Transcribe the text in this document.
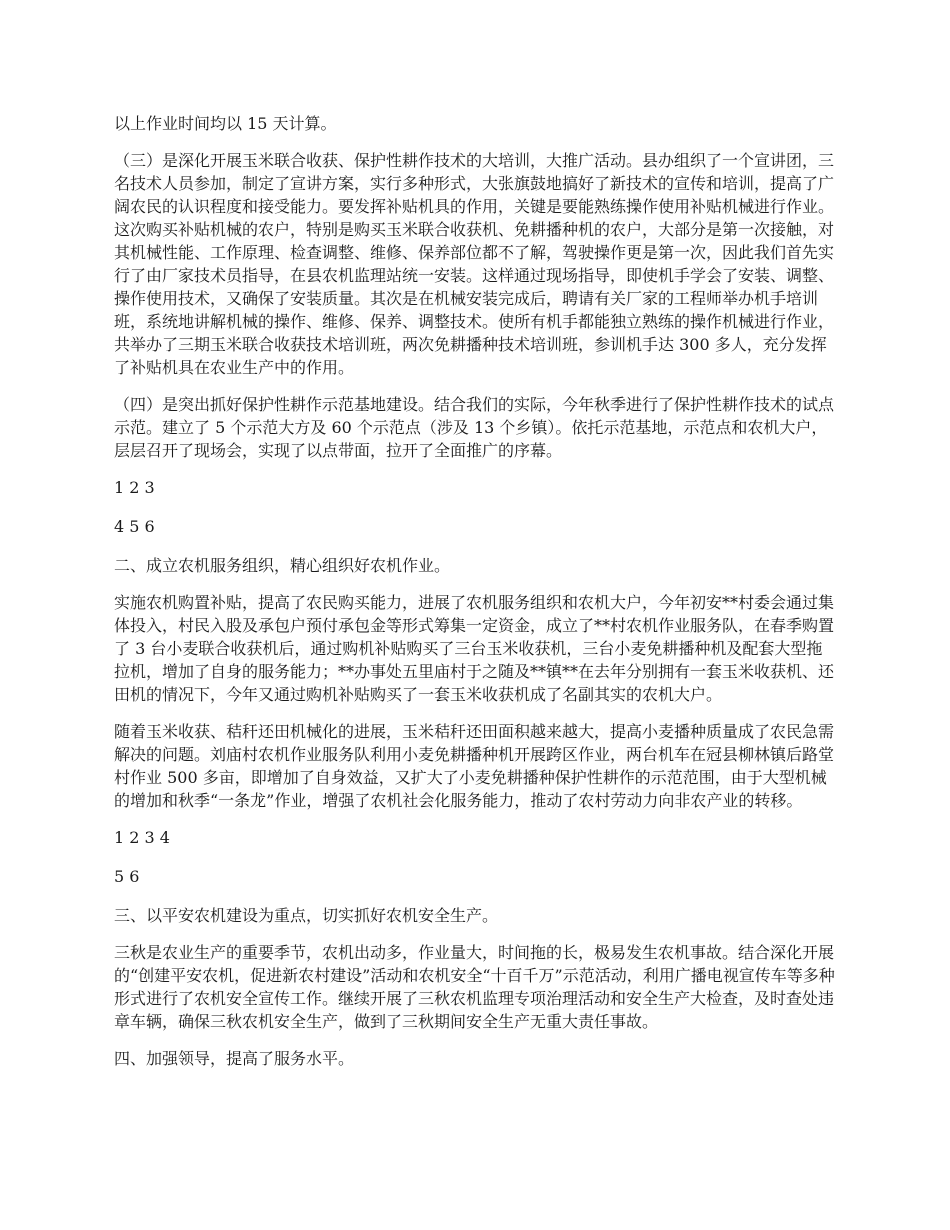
以上作业时间均以 15 天计算。

（三）是深化开展玉米联合收获、保护性耕作技术的大培训，大推广活动。县办组织了一个宣讲团，三名技术人员参加，制定了宣讲方案，实行多种形式，大张旗鼓地搞好了新技术的宣传和培训，提高了广阔农民的认识程度和接受能力。要发挥补贴机具的作用，关键是要能熟练操作使用补贴机械进行作业。这次购买补贴机械的农户，特别是购买玉米联合收获机、免耕播种机的农户，大部分是第一次接触，对其机械性能、工作原理、检查调整、维修、保养部位都不了解，驾驶操作更是第一次，因此我们首先实行了由厂家技术员指导，在县农机监理站统一安装。这样通过现场指导，即使机手学会了安装、调整、操作使用技术，又确保了安装质量。其次是在机械安装完成后，聘请有关厂家的工程师举办机手培训班，系统地讲解机械的操作、维修、保养、调整技术。使所有机手都能独立熟练的操作机械进行作业，共举办了三期玉米联合收获技术培训班，两次免耕播种技术培训班，参训机手达 300 多人，充分发挥了补贴机具在农业生产中的作用。

（四）是突出抓好保护性耕作示范基地建设。结合我们的实际，今年秋季进行了保护性耕作技术的试点示范。建立了 5 个示范大方及 60 个示范点（涉及 13 个乡镇）。依托示范基地，示范点和农机大户，层层召开了现场会，实现了以点带面，拉开了全面推广的序幕。

1 2 3

4 5 6

二、成立农机服务组织，精心组织好农机作业。

实施农机购置补贴，提高了农民购买能力，进展了农机服务组织和农机大户，今年初安**村委会通过集体投入，村民入股及承包户预付承包金等形式筹集一定资金，成立了**村农机作业服务队，在春季购置了 3 台小麦联合收获机后，通过购机补贴购买了三台玉米收获机，三台小麦免耕播种机及配套大型拖拉机，增加了自身的服务能力；**办事处五里庙村于之随及**镇**在去年分别拥有一套玉米收获机、还田机的情况下，今年又通过购机补贴购买了一套玉米收获机成了名副其实的农机大户。

随着玉米收获、秸秆还田机械化的进展，玉米秸秆还田面积越来越大，提高小麦播种质量成了农民急需解决的问题。刘庙村农机作业服务队利用小麦免耕播种机开展跨区作业，两台机车在冠县柳林镇后路堂村作业 500 多亩，即增加了自身效益，又扩大了小麦免耕播种保护性耕作的示范范围，由于大型机械的增加和秋季“一条龙”作业，增强了农机社会化服务能力，推动了农村劳动力向非农产业的转移。

1 2 3 4

5 6

三、以平安农机建设为重点，切实抓好农机安全生产。

三秋是农业生产的重要季节，农机出动多，作业量大，时间拖的长，极易发生农机事故。结合深化开展的“创建平安农机，促进新农村建设”活动和农机安全“十百千万”示范活动，利用广播电视宣传车等多种形式进行了农机安全宣传工作。继续开展了三秋农机监理专项治理活动和安全生产大检查，及时查处违章车辆，确保三秋农机安全生产，做到了三秋期间安全生产无重大责任事故。

四、加强领导，提高了服务水平。
